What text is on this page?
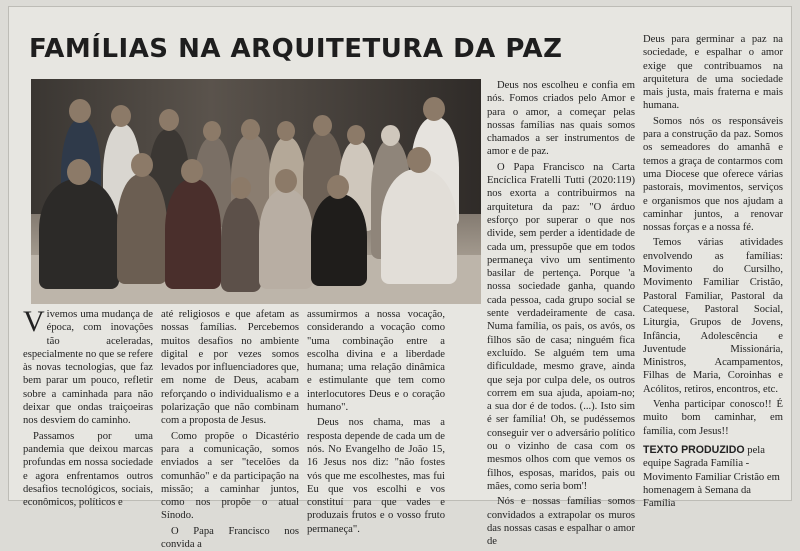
FAMÍLIAS NA ARQUITETURA DA PAZ

Vivemos uma mudança de época, com inovações tão aceleradas, especialmente no que se refere às novas tecnologias, que faz bem parar um pouco, refletir sobre a caminhada para não deixar que ondas traiçoeiras nos desviem do caminho.

Passamos por uma pandemia que deixou marcas profundas em nossa sociedade e agora enfrentamos outros desafios tecnológicos, sociais, econômicos, políticos e

até religiosos e que afetam as nossas famílias. Percebemos muitos desafios no ambiente digital e por vezes somos levados por influenciadores que, em nome de Deus, acabam reforçando o individualismo e a polarização que não combinam com a proposta de Jesus.

Como propõe o Dicastério para a comunicação, somos enviados a ser "tecelões da comunhão" e da participação na missão; a caminhar juntos, como nos propõe o atual Sínodo.

O Papa Francisco nos convida a

assumirmos a nossa vocação, considerando a vocação como "uma combinação entre a escolha divina e a liberdade humana; uma relação dinâmica e estimulante que tem como interlocutores Deus e o coração humano".

Deus nos chama, mas a resposta depende de cada um de nós. No Evangelho de João 15, 16 Jesus nos diz: "não fostes vós que me escolhestes, mas fui Eu que vos escolhi e vos constituí para que vades e produzais frutos e o vosso fruto permaneça".

Deus nos escolheu e confia em nós. Fomos criados pelo Amor e para o amor, a começar pelas nossas famílias nas quais somos chamados a ser instrumentos de amor e de paz.

O Papa Francisco na Carta Encíclica Fratelli Tutti (2020:119) nos exorta a contribuirmos na arquitetura da paz: "O árduo esforço por superar o que nos divide, sem perder a identidade de cada um, pressupõe que em todos permaneça vivo um sentimento basilar de pertença. Porque 'a nossa sociedade ganha, quando cada pessoa, cada grupo social se sente verdadeiramente de casa. Numa família, os pais, os avós, os filhos são de casa; ninguém fica excluído. Se alguém tem uma dificuldade, mesmo grave, ainda que seja por culpa dele, os outros correm em sua ajuda, apoiam-no; a sua dor é de todos. (...). Isto sim é ser família! Oh, se pudéssemos conseguir ver o adversário político ou o vizinho de casa com os mesmos olhos com que vemos os filhos, esposas, maridos, pais ou mães, como seria bom'!

Nós e nossas famílias somos convidados a extrapolar os muros das nossas casas e espalhar o amor de

Deus para germinar a paz na sociedade, e espalhar o amor exige que contribuamos na arquitetura de uma sociedade mais justa, mais fraterna e mais humana.

Somos nós os responsáveis para a construção da paz. Somos os semeadores do amanhã e temos a graça de contarmos com uma Diocese que oferece várias pastorais, movimentos, serviços e organismos que nos ajudam a caminhar juntos, a renovar nossas forças e a nossa fé.

Temos várias atividades envolvendo as famílias: Movimento do Cursilho, Movimento Familiar Cristão, Pastoral Familiar, Pastoral da Catequese, Pastoral Social, Liturgia, Grupos de Jovens, Infância, Adolescência e Juventude Missionária, Ministros, Acampamentos, Filhas de Maria, Coroinhas e Acólitos, retiros, encontros, etc.

Venha participar conosco!! É muito bom caminhar, em família, com Jesus!!

TEXTO PRODUZIDO pela equipe Sagrada Família - Movimento Familiar Cristão em homenagem à Semana da Família
